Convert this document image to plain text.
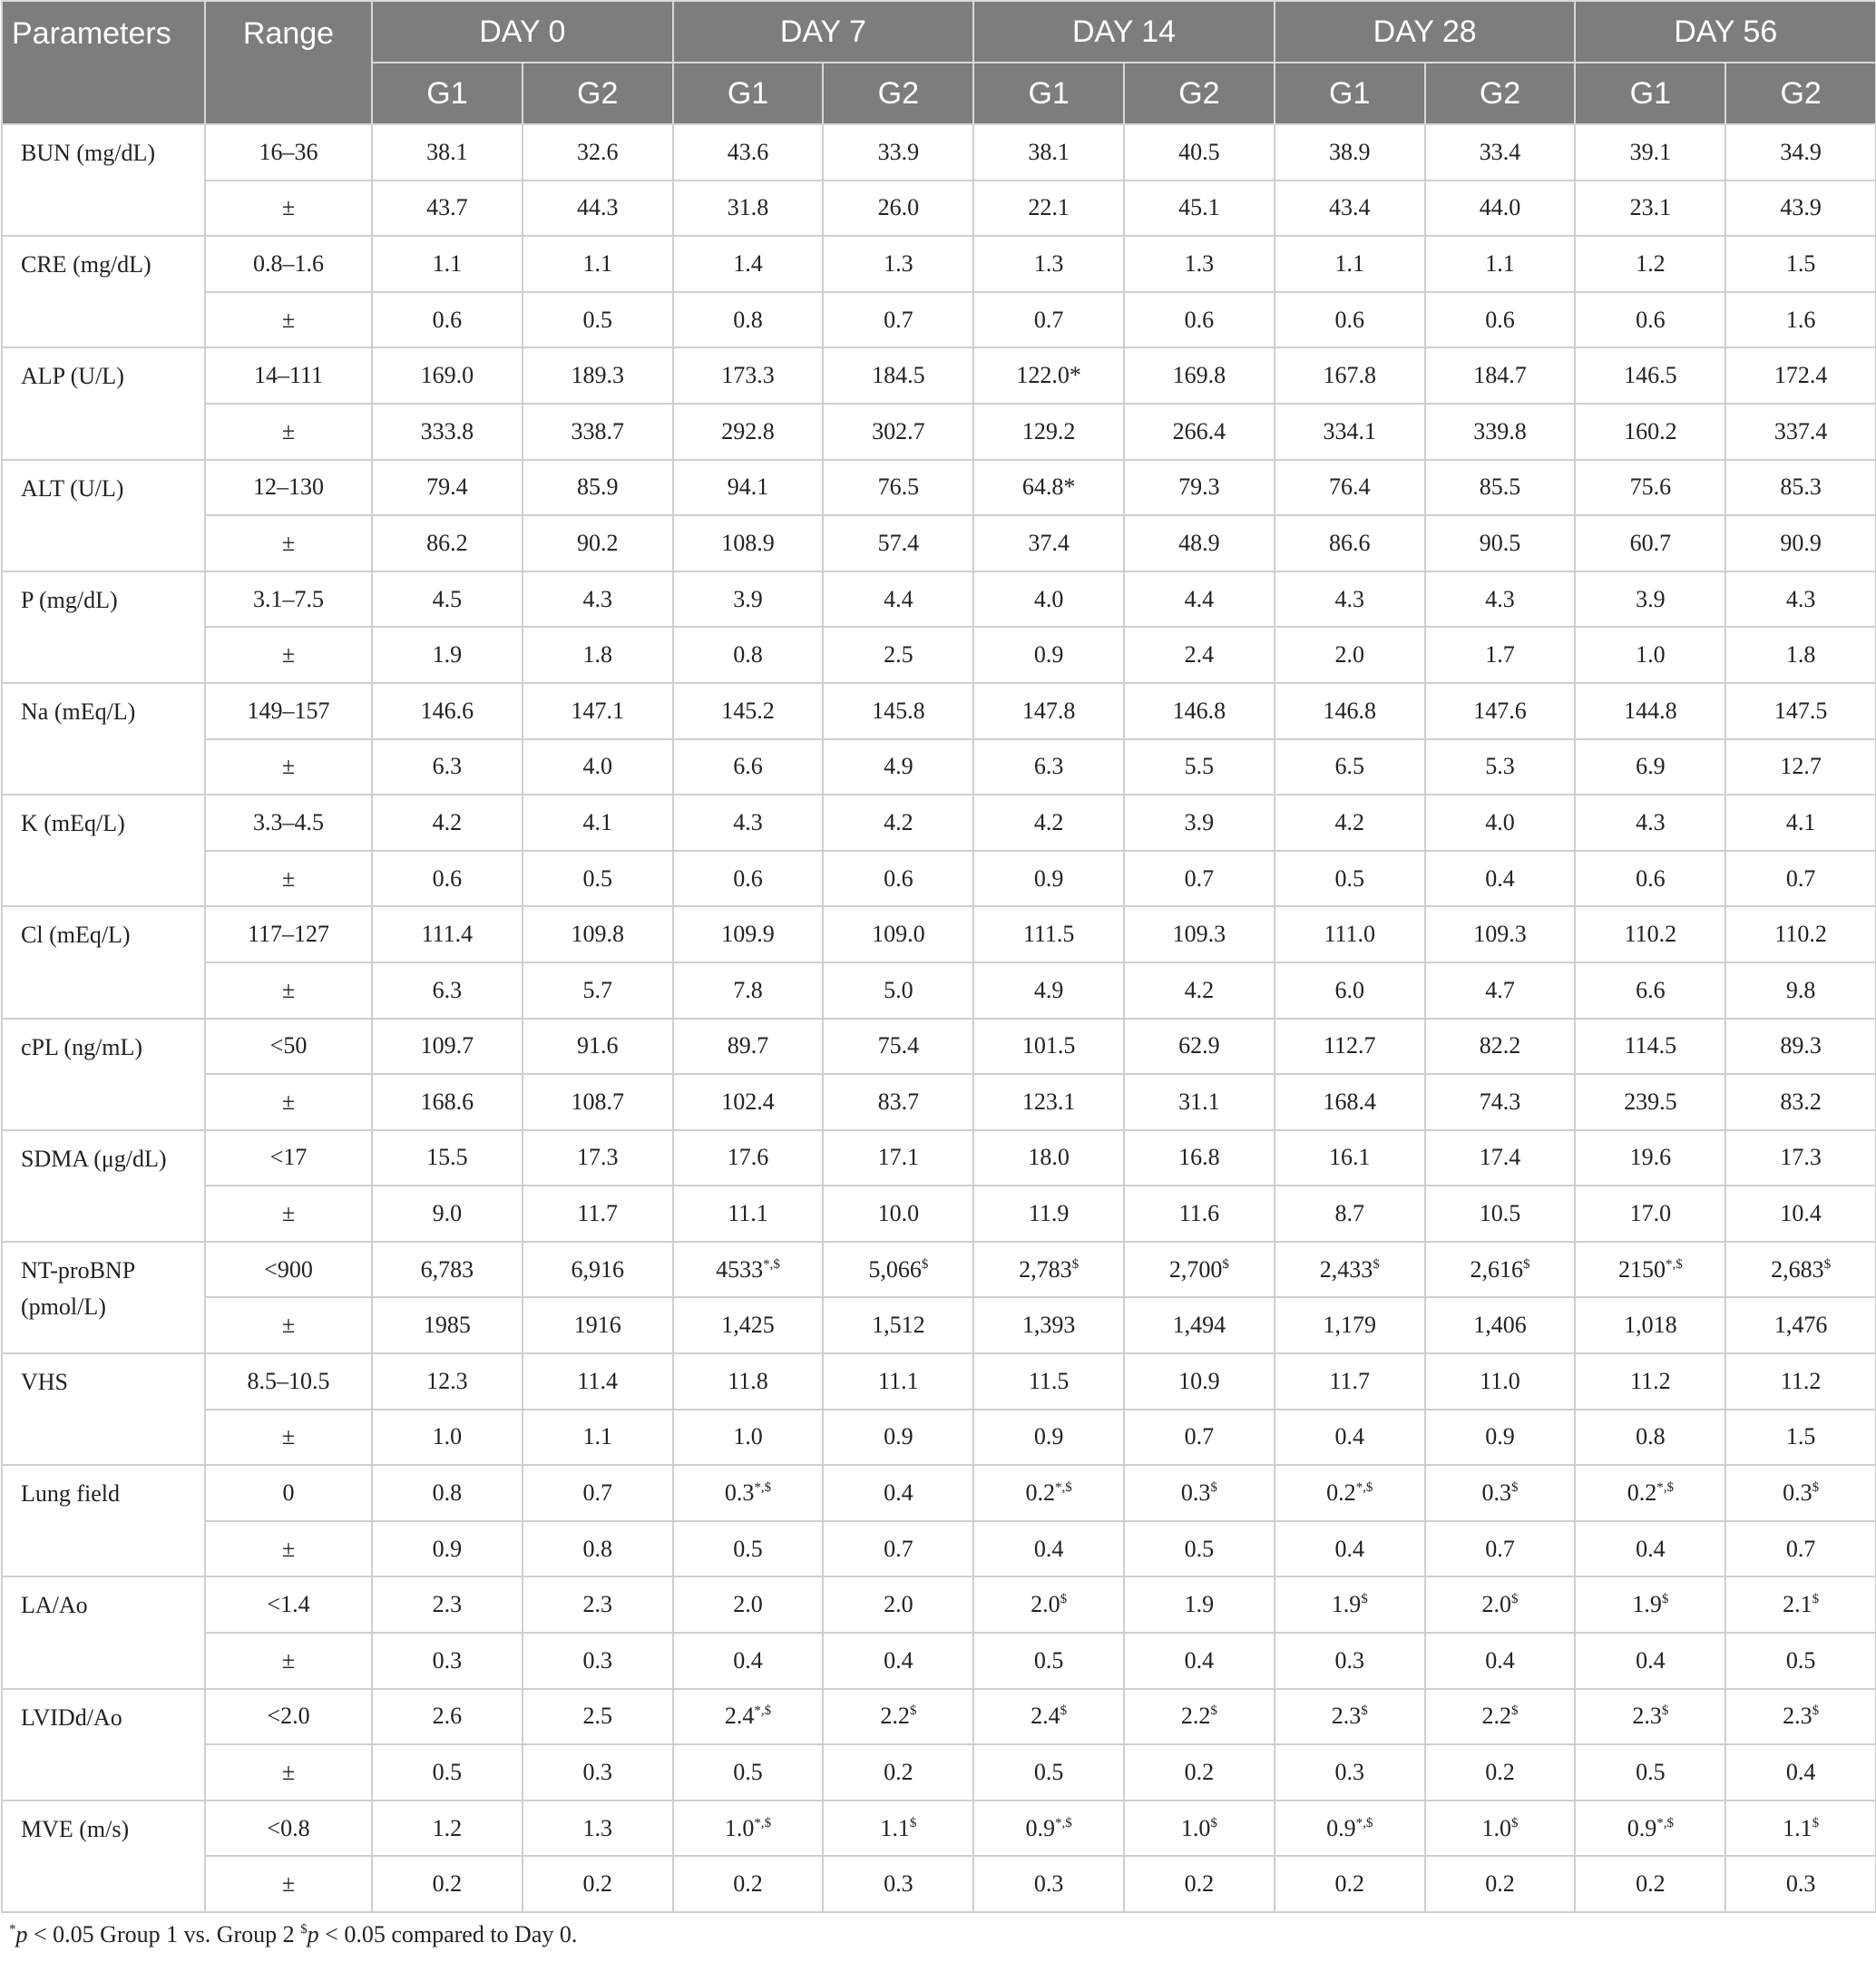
Parameters	Range	DAY 0		DAY 7		DAY 14		DAY 28		DAY 56	
		G1	G2	G1	G2	G1	G2	G1	G2	G1	G2

BUN (mg/dL)	16–36	38.1	32.6	43.6	33.9	38.1	40.5	38.9	33.4	39.1	34.9
	±	43.7	44.3	31.8	26.0	22.1	45.1	43.4	44.0	23.1	43.9

CRE (mg/dL)	0.8–1.6	1.1	1.1	1.4	1.3	1.3	1.3	1.1	1.1	1.2	1.5
	±	0.6	0.5	0.8	0.7	0.7	0.6	0.6	0.6	0.6	1.6

ALP (U/L)	14–111	169.0	189.3	173.3	184.5	122.0*	169.8	167.8	184.7	146.5	172.4
	±	333.8	338.7	292.8	302.7	129.2	266.4	334.1	339.8	160.2	337.4

ALT (U/L)	12–130	79.4	85.9	94.1	76.5	64.8*	79.3	76.4	85.5	75.6	85.3
	±	86.2	90.2	108.9	57.4	37.4	48.9	86.6	90.5	60.7	90.9

P (mg/dL)	3.1–7.5	4.5	4.3	3.9	4.4	4.0	4.4	4.3	4.3	3.9	4.3
	±	1.9	1.8	0.8	2.5	0.9	2.4	2.0	1.7	1.0	1.8

Na (mEq/L)	149–157	146.6	147.1	145.2	145.8	147.8	146.8	146.8	147.6	144.8	147.5
	±	6.3	4.0	6.6	4.9	6.3	5.5	6.5	5.3	6.9	12.7

K (mEq/L)	3.3–4.5	4.2	4.1	4.3	4.2	4.2	3.9	4.2	4.0	4.3	4.1
	±	0.6	0.5	0.6	0.6	0.9	0.7	0.5	0.4	0.6	0.7

Cl (mEq/L)	117–127	111.4	109.8	109.9	109.0	111.5	109.3	111.0	109.3	110.2	110.2
	±	6.3	5.7	7.8	5.0	4.9	4.2	6.0	4.7	6.6	9.8

cPL (ng/mL)	<50	109.7	91.6	89.7	75.4	101.5	62.9	112.7	82.2	114.5	89.3
	±	168.6	108.7	102.4	83.7	123.1	31.1	168.4	74.3	239.5	83.2

SDMA (μg/dL)	<17	15.5	17.3	17.6	17.1	18.0	16.8	16.1	17.4	19.6	17.3
	±	9.0	11.7	11.1	10.0	11.9	11.6	8.7	10.5	17.0	10.4

NT-proBNP
(pmol/L)	<900	6,783	6,916	4533*,$	5,066$	2,783$	2,700$	2,433$	2,616$	2150*,$	2,683$
	±	1985	1916	1,425	1,512	1,393	1,494	1,179	1,406	1,018	1,476

VHS	8.5–10.5	12.3	11.4	11.8	11.1	11.5	10.9	11.7	11.0	11.2	11.2
	±	1.0	1.1	1.0	0.9	0.9	0.7	0.4	0.9	0.8	1.5

Lung field	0	0.8	0.7	0.3*,$	0.4	0.2*,$	0.3$	0.2*,$	0.3$	0.2*,$	0.3$
	±	0.9	0.8	0.5	0.7	0.4	0.5	0.4	0.7	0.4	0.7

LA/Ao	<1.4	2.3	2.3	2.0	2.0	2.0$	1.9	1.9$	2.0$	1.9$	2.1$
	±	0.3	0.3	0.4	0.4	0.5	0.4	0.3	0.4	0.4	0.5

LVIDd/Ao	<2.0	2.6	2.5	2.4*,$	2.2$	2.4$	2.2$	2.3$	2.2$	2.3$	2.3$
	±	0.5	0.3	0.5	0.2	0.5	0.2	0.3	0.2	0.5	0.4

MVE (m/s)	<0.8	1.2	1.3	1.0*,$	1.1$	0.9*,$	1.0$	0.9*,$	1.0$	0.9*,$	1.1$
	±	0.2	0.2	0.2	0.3	0.3	0.2	0.2	0.2	0.2	0.3
*p < 0.05 Group 1 vs. Group 2 $p < 0.05 compared to Day 0.
